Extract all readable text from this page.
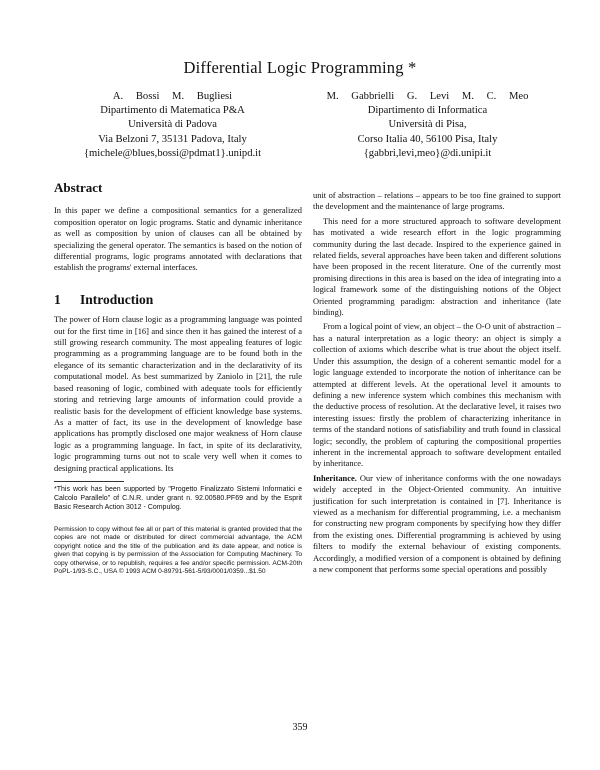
Differential Logic Programming *
A. Bossi M. Bugliesi
Dipartimento di Matematica P&A
Università di Padova
Via Belzoni 7, 35131 Padova, Italy
{michele@blues,bossi@pdmat1}.unipd.it
M. Gabbrielli G. Levi M. C. Meo
Dipartimento di Informatica
Università di Pisa,
Corso Italia 40, 56100 Pisa, Italy
{gabbri,levi,meo}@di.unipi.it
Abstract

In this paper we define a compositional semantics for a generalized composition operator on logic programs. Static and dynamic inheritance as well as composition by union of clauses can all be obtained by specializing the general operator. The semantics is based on the notion of differential programs, logic programs annotated with declarations that establish the programs' external interfaces.

1 Introduction

The power of Horn clause logic as a programming language was pointed out for the first time in [16] and since then it has gained the interest of a still growing research community. The most appealing features of logic programming as a programming language are to be found both in the elegance of its semantic characterization and in the declarativity of its computational model. As best summarized by Zaniolo in [21], the rule based reasoning of logic, combined with adequate tools for efficiently storing and retrieving large amounts of information could provide a realistic basis for the development of efficient knowledge base systems. As a matter of fact, its use in the development of knowledge base applications has promptly disclosed one major weakness of Horn clause logic as a programming language. In fact, in spite of its declarativity, logic programming turns out not to scale very well when it comes to designing practical applications. Its

*This work has been supported by "Progetto Finalizzato Sistemi Informatici e Calcolo Parallelo" of C.N.R. under grant n. 92.00580.PF69 and by the Esprit Basic Research Action 3012 - Compulog.

Permission to copy without fee all or part of this material is granted provided that the copies are not made or distributed for direct commercial advantage, the ACM copyright notice and the title of the publication and its date appear, and notice is given that copying is by permission of the Association for Computing Machinery. To copy otherwise, or to republish, requires a fee and/or specific permission. ACM-20th PoPL-1/93-S.C., USA © 1993 ACM 0-89791-561-5/93/0001/0359...$1.50

unit of abstraction – relations – appears to be too fine grained to support the development and the maintenance of large programs.

This need for a more structured approach to software development has motivated a wide research effort in the logic programming community during the last decade. Inspired to the experience gained in related fields, several approaches have been taken and different solutions have been proposed in the recent literature. One of the currently most promising directions in this area is based on the idea of integrating into a logical framework some of the distinguishing notions of the Object Oriented programming paradigm: abstraction and inheritance (late binding).

From a logical point of view, an object – the O-O unit of abstraction – has a natural interpretation as a logic theory: an object is simply a collection of axioms which describe what is true about the object itself. Under this assumption, the design of a coherent semantic model for a logic language extended to incorporate the notion of inheritance can be attempted at different levels. At the operational level it amounts to defining a new inference system which combines this mechanism with the deductive process of resolution. At the declarative level, it raises two interesting issues: firstly the problem of characterizing inheritance in terms of the standard notions of satisfiability and truth found in classical logic; secondly, the problem of capturing the compositional properties inherent in the incremental approach to software development entailed by inheritance.

Inheritance. Our view of inheritance conforms with the one nowadays widely accepted in the Object-Oriented community. An intuitive justification for such interpretation is contained in [7]. Inheritance is viewed as a mechanism for differential programming, i.e. a mechanism for constructing new program components by specifying how they differ from the existing ones. Differential programming is achieved by using filters to modify the external behaviour of existing components. Accordingly, a modified version of a component is obtained by defining a new component that performs some special operations and possibly

359
